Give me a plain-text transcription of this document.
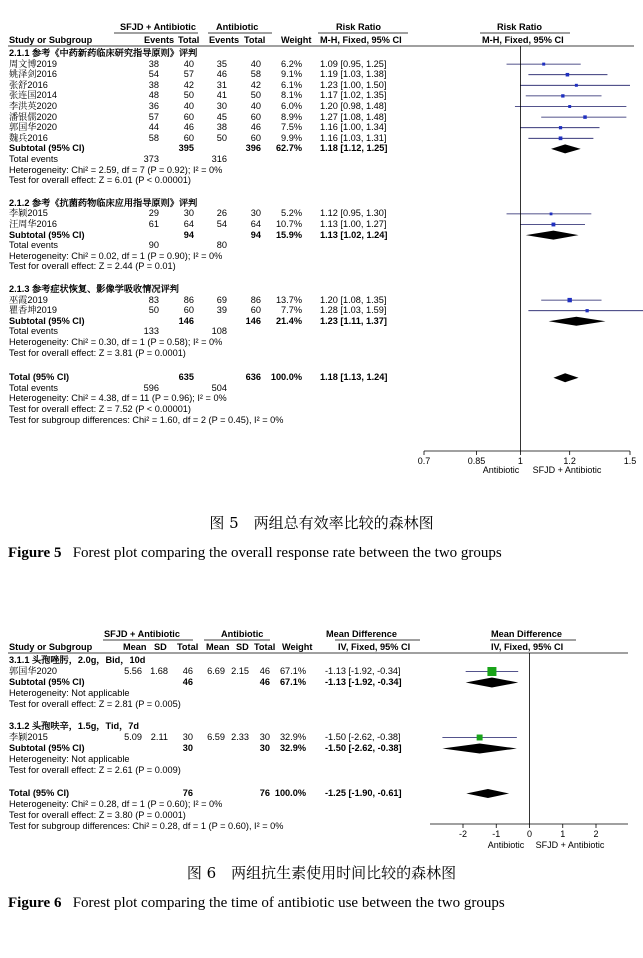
SFJD + Antibiotic Antibiotic	Risk Ratio	Risk Ratio
Study or Subgroup	Events Total Events Total Weight M-H, Fixed, 95% CI	M-H, Fixed, 95% CI
2.1.1 参考《中药新药临床研究指导原则》评判
周文博2019	38	40	35	40	6.2% 1.09 [0.95, 1.25]
姚泽剑2016	54	57	46	58	9.1% 1.19 [1.03, 1.38]
张舒2016	38	42	31	42	6.1% 1.23 [1.00, 1.50]
张连国2014	48	50	41	50	8.1% 1.17 [1.02, 1.35]
李洪英2020	36	40	30	40	6.0% 1.20 [0.98, 1.48]
潘银儒2020	57	60	45	60	8.9% 1.27 [1.08, 1.48]
郭国华2020	44	46	38	46	7.5% 1.16 [1.00, 1.34]
魏兵2016	58	60	50	60	9.9% 1.16 [1.03, 1.31]
Subtotal (95% CI)	395	396	62.7% 1.18 [1.12, 1.25]
Total events	373	316
Heterogeneity: Chi² = 2.59, df = 7 (P = 0.92); I² = 0%
Test for overall effect: Z = 6.01 (P < 0.00001)
2.1.2 参考《抗菌药物临床应用指导原则》评判
李颖2015	29	30	26	30	5.2% 1.12 [0.95, 1.30]
汪周华2016	61	64	54	64	10.7% 1.13 [1.00, 1.27]
Subtotal (95% CI)	94	94	15.9% 1.13 [1.02, 1.24]
Total events	90	80
Heterogeneity: Chi² = 0.02, df = 1 (P = 0.90); I² = 0%
Test for overall effect: Z = 2.44 (P = 0.01)
2.1.3 参考症状恢复、影像学吸收情况评判
巫霞2019	83	86	69	86	13.7% 1.20 [1.08, 1.35]
瞿香坤2019	50	60	39	60	7.7% 1.28 [1.03, 1.59]
Subtotal (95% CI)	146	146	21.4% 1.23 [1.11, 1.37]
Total events	133	108
Heterogeneity: Chi² = 0.30, df = 1 (P = 0.58); I² = 0%
Test for overall effect: Z = 3.81 (P = 0.0001)
Total (95% CI)	635	636	100.0% 1.18 [1.13, 1.24]
Total events	596	504
Heterogeneity: Chi² = 4.38, df = 11 (P = 0.96); I² = 0%
Test for overall effect: Z = 7.52 (P < 0.00001)
Test for subgroup differences: Chi² = 1.60, df = 2 (P = 0.45), I² = 0%
图 5　两组总有效率比较的森林图
Figure 5 Forest plot comparing the overall response rate between the two groups
SFJD + Antibiotic	Antibiotic	Mean Difference	Mean Difference
Study or Subgroup	Mean SD Total Mean SD Total Weight	IV, Fixed, 95% CI	IV, Fixed, 95% CI
3.1.1 头孢唑肟，2.0g，Bid，10d
郭国华2020	5.56 1.68	46	6.69 2.15	46	67.1% -1.13 [-1.92, -0.34]
Subtotal (95% CI)	46	46	67.1% -1.13 [-1.92, -0.34]
Heterogeneity: Not applicable
Test for overall effect: Z = 2.81 (P = 0.005)
3.1.2 头孢呋辛，1.5g，Tid，7d
李颖2015	5.09 2.11	30	6.59 2.33	30	32.9% -1.50 [-2.62, -0.38]
Subtotal (95% CI)	30	30	32.9% -1.50 [-2.62, -0.38]
Heterogeneity: Not applicable
Test for overall effect: Z = 2.61 (P = 0.009)
Total (95% CI)	76	76 100.0% -1.25 [-1.90, -0.61]
Heterogeneity: Chi² = 0.28, df = 1 (P = 0.60); I² = 0%
Test for overall effect: Z = 3.80 (P = 0.0001)
Test for subgroup differences: Chi² = 0.28, df = 1 (P = 0.60), I² = 0%
图 6　两组抗生素使用时间比较的森林图
Figure 6 Forest plot comparing the time of antibiotic use between the two groups
0.7	0.85	1	1.2	1.5
Antibiotic SFJD + Antibiotic
-2	-1	0	1	2
Antibiotic SFJD + Antibiotic
